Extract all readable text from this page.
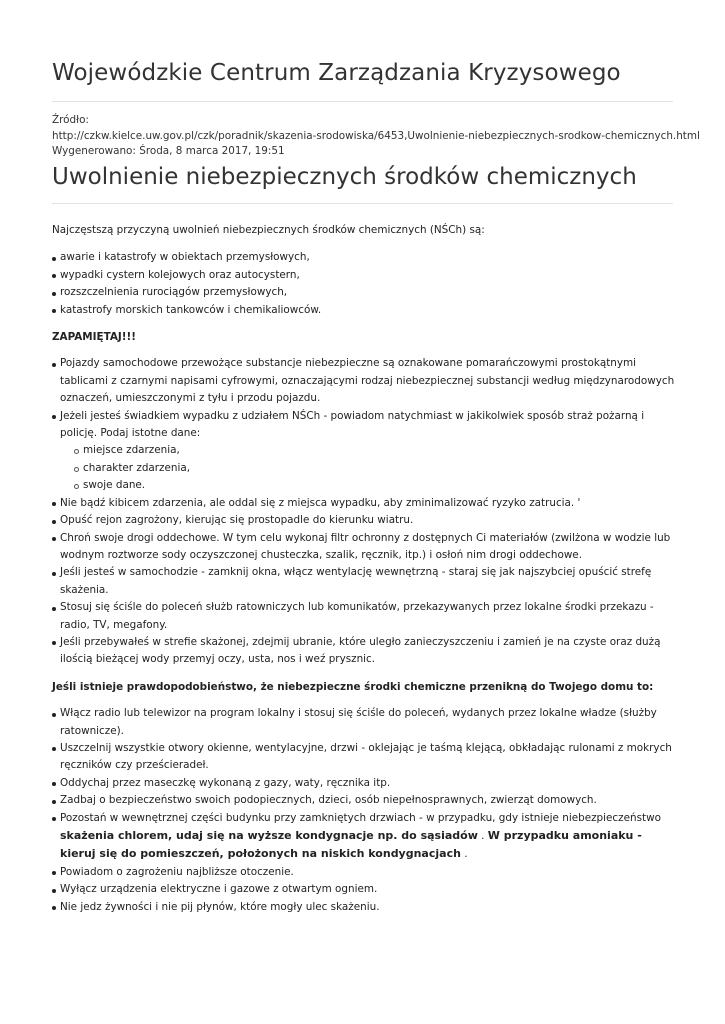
Wojewódzkie Centrum Zarządzania Kryzysowego
Źródło:
http://czkw.kielce.uw.gov.pl/czk/poradnik/skazenia-srodowiska/6453,Uwolnienie-niebezpiecznych-srodkow-chemicznych.html
Wygenerowano: Środa, 8 marca 2017, 19:51
Uwolnienie niebezpiecznych środków chemicznych

Najczęstszą przyczyną uwolnień niebezpiecznych środków chemicznych (NŚCh) są:

awarie i katastrofy w obiektach przemysłowych,
wypadki cystern kolejowych oraz autocystern,
rozszczelnienia rurociągów przemysłowych,
katastrofy morskich tankowców i chemikaliowców.

ZAPAMIĘTAJ!!!

Pojazdy samochodowe przewożące substancje niebezpieczne są oznakowane pomarańczowymi prostokątnymi tablicami z czarnymi napisami cyfrowymi, oznaczającymi rodzaj niebezpiecznej substancji według międzynarodowych oznaczeń, umieszczonymi z tyłu i przodu pojazdu.
Jeżeli jesteś świadkiem wypadku z udziałem NŚCh - powiadom natychmiast w jakikolwiek sposób straż pożarną i policję. Podaj istotne dane:
miejsce zdarzenia,
charakter zdarzenia,
swoje dane.
Nie bądź kibicem zdarzenia, ale oddal się z miejsca wypadku, aby zminimalizować ryzyko zatrucia. '
Opuść rejon zagrożony, kierując się prostopadle do kierunku wiatru.
Chroń swoje drogi oddechowe. W tym celu wykonaj filtr ochronny z dostępnych Ci materiałów (zwilżona w wodzie lub wodnym roztworze sody oczyszczonej chusteczka, szalik, ręcznik, itp.) i osłoń nim drogi oddechowe.
Jeśli jesteś w samochodzie - zamknij okna, włącz wentylację wewnętrzną - staraj się jak najszybciej opuścić strefę skażenia.
Stosuj się ściśle do poleceń służb ratowniczych lub komunikatów, przekazywanych przez lokalne środki przekazu - radio, TV, megafony.
Jeśli przebywałeś w strefie skażonej, zdejmij ubranie, które uległo zanieczyszczeniu i zamień je na czyste oraz dużą ilością bieżącej wody przemyj oczy, usta, nos i weź prysznic.

Jeśli istnieje prawdopodobieństwo, że niebezpieczne środki chemiczne przenikną do Twojego domu to:

Włącz radio lub telewizor na program lokalny i stosuj się ściśle do poleceń, wydanych przez lokalne władze (służby ratownicze).
Uszczelnij wszystkie otwory okienne, wentylacyjne, drzwi - oklejając je taśmą klejącą, obkładając rulonami z mokrych ręczników czy prześcieradeł.
Oddychaj przez maseczkę wykonaną z gazy, waty, ręcznika itp.
Zadbaj o bezpieczeństwo swoich podopiecznych, dzieci, osób niepełnosprawnych, zwierząt domowych.
Pozostań w wewnętrznej części budynku przy zamkniętych drzwiach - w przypadku, gdy istnieje niebezpieczeństwo skażenia chlorem, udaj się na wyższe kondygnacje np. do sąsiadów . W przypadku amoniaku - kieruj się do pomieszczeń, położonych na niskich kondygnacjach .
Powiadom o zagrożeniu najbliższe otoczenie.
Wyłącz urządzenia elektryczne i gazowe z otwartym ogniem.
Nie jedz żywności i nie pij płynów, które mogły ulec skażeniu.
